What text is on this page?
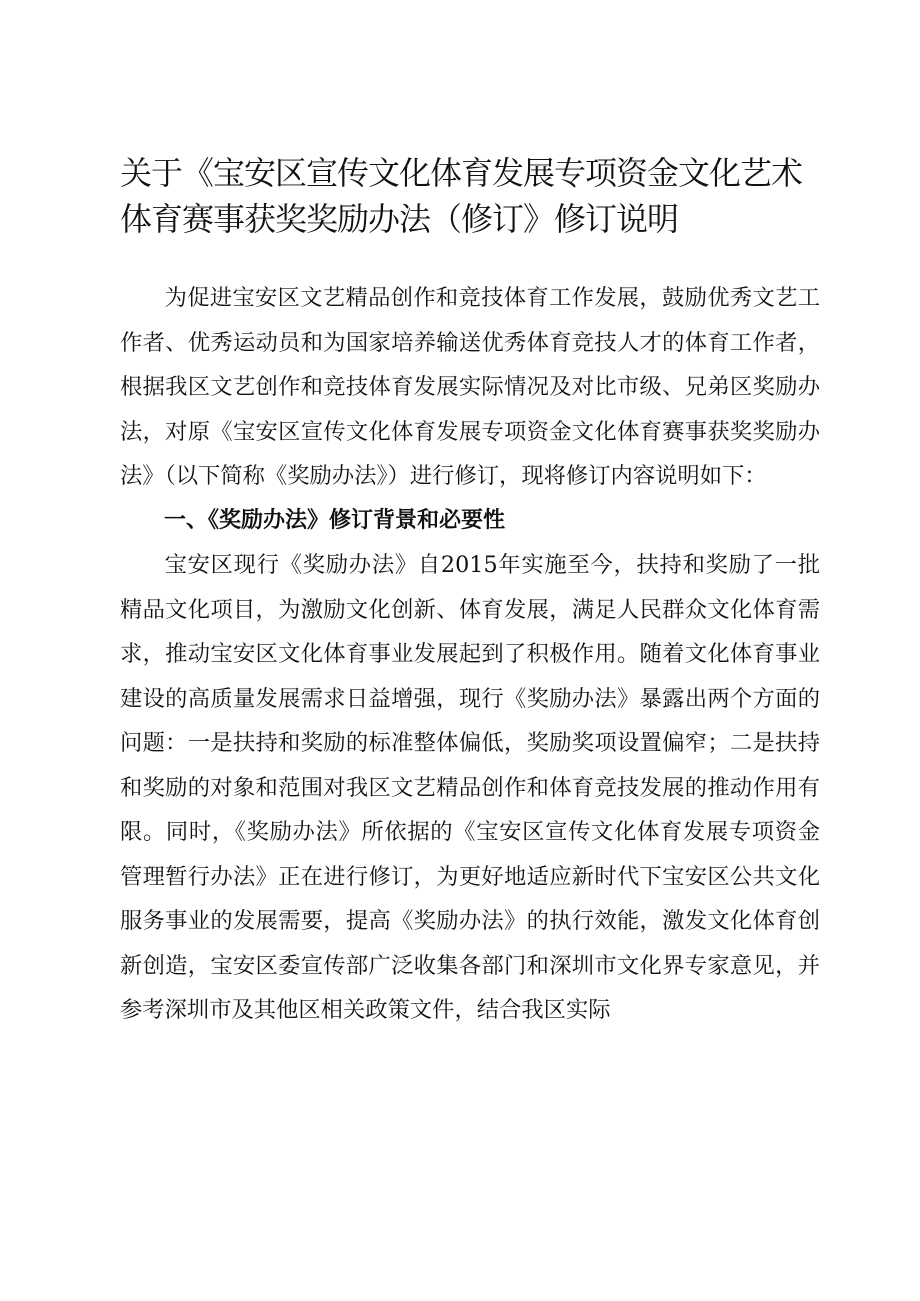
关于《宝安区宣传文化体育发展专项资金文化艺术
体育赛事获奖奖励办法（修订》修订说明

为促进宝安区文艺精品创作和竞技体育工作发展，鼓励优秀文艺工作者、优秀运动员和为国家培养输送优秀体育竞技人才的体育工作者，根据我区文艺创作和竞技体育发展实际情况及对比市级、兄弟区奖励办法，对原《宝安区宣传文化体育发展专项资金文化体育赛事获奖奖励办法》（以下简称《奖励办法》）进行修订，现将修订内容说明如下：

一、《奖励办法》修订背景和必要性

宝安区现行《奖励办法》自2015年实施至今，扶持和奖励了一批精品文化项目，为激励文化创新、体育发展，满足人民群众文化体育需求，推动宝安区文化体育事业发展起到了积极作用。随着文化体育事业建设的高质量发展需求日益增强，现行《奖励办法》暴露出两个方面的问题：一是扶持和奖励的标准整体偏低，奖励奖项设置偏窄；二是扶持和奖励的对象和范围对我区文艺精品创作和体育竞技发展的推动作用有限。同时，《奖励办法》所依据的《宝安区宣传文化体育发展专项资金管理暂行办法》正在进行修订，为更好地适应新时代下宝安区公共文化服务事业的发展需要，提高《奖励办法》的执行效能，激发文化体育创新创造，宝安区委宣传部广泛收集各部门和深圳市文化界专家意见，并参考深圳市及其他区相关政策文件，结合我区实际
